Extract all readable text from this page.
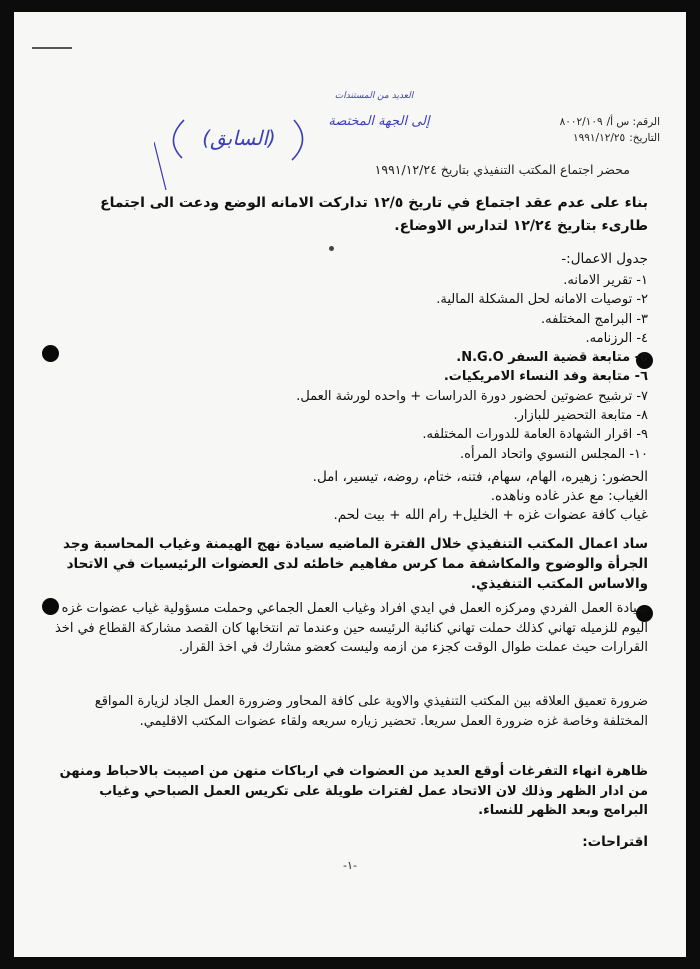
(السابق)
إلى الجهة المختصة
العديد من المستندات
الرقم: س أ/٨٠٠٢/١٠٩
التاريخ:١٩٩١/١٢/٢٥
محضر اجتماع المكتب التنفيذي بتاريخ ١٩٩١/١٢/٢٤
بناء على عدم عقد اجتماع في تاريخ ١٢/٥ تداركت الامانه الوضع ودعت الى اجتماع طارىء بتاريخ ١٢/٢٤ لتدارس الاوضاع.
جدول الاعمال:-
١- تقرير الامانه.
٢- توصيات الامانه لحل المشكلة المالية.
٣- البرامج المختلفه.
٤- الرزنامه.
٥- متابعة قضية السفر N.G.O.
٦- متابعة وفد النساء الامريكيات.
٧- ترشيح عضوتين لحضور دورة الدراسات + واحده لورشة العمل.
٨- متابعة التحضير للبازار.
٩- اقرار الشهادة العامة للدورات المختلفه.
١٠- المجلس النسوي واتحاد المرأه.
الحضور: زهيره، الهام، سهام، فتنه، ختام، روضه، تيسير، امل.
الغياب: مع عذر غاده وناهده.
غياب كافة عضوات غزه + الخليل+ رام الله + بيت لحم.
ساد اعمال المكتب التنفيذي خلال الفترة الماضيه سيادة نهج الهيمنة وغياب المحاسبة وجد الجرأة والوضوح والمكاشفة مما كرس مفاهيم خاطئه لدى العضوات الرئيسيات في الاتحاد والاساس المكتب التنفيذي.
سيادة العمل الفردي ومركزه العمل في ايدي افراد وغياب العمل الجماعي وحملت مسؤولية غياب عضوات غزه اليوم للزميله تهاني كذلك حملت تهاني كنائبة الرئيسه حين وعندما تم انتخابها كان القصد مشاركة القطاع في اخذ القرارات حيث عملت طوال الوقت كجزء من ازمه وليست كعضو مشارك في اخذ القرار.
ضرورة تعميق العلاقه بين المكتب التنفيذي والاوية على كافة المحاور وضرورة العمل الجاد لزيارة المواقع المختلفة وخاصة غزه ضرورة العمل سريعا. تحضير زياره سريعه ولقاء عضوات المكتب الاقليمي.
ظاهرة انهاء التفرغات أوقع العديد من العضوات في ارباكات منهن من اصيبت بالاحباط ومنهن من ادار الظهر وذلك لان الاتحاد عمل لفترات طويلة على تكريس العمل الصباحي وغياب البرامج وبعد الظهر للنساء.
اقتراحات:
-١-
